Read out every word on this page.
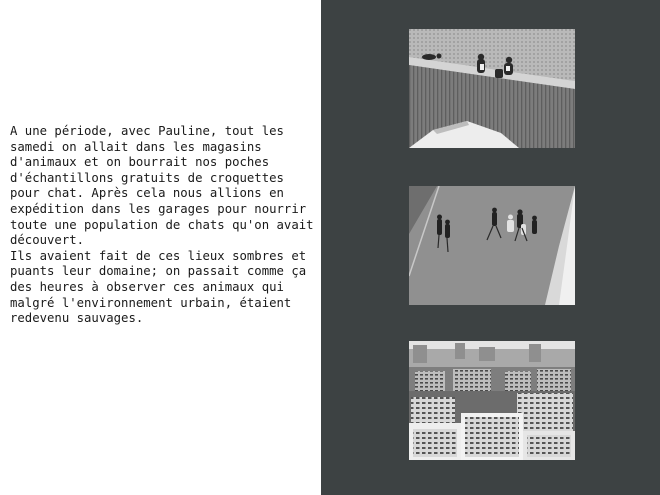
A une période, avec Pauline, tout les samedi on allait dans les magasins d'animaux et on bourrait nos poches d'échantillons gratuits de croquettes pour chat. Après cela nous allions en expédition dans les garages pour nourrir toute une population de chats qu'on avait découvert.
Ils avaient fait de ces lieux sombres et puants leur domaine; on passait comme ça des heures à observer ces animaux qui malgré l'environnement urbain, étaient redevenu sauvages.
